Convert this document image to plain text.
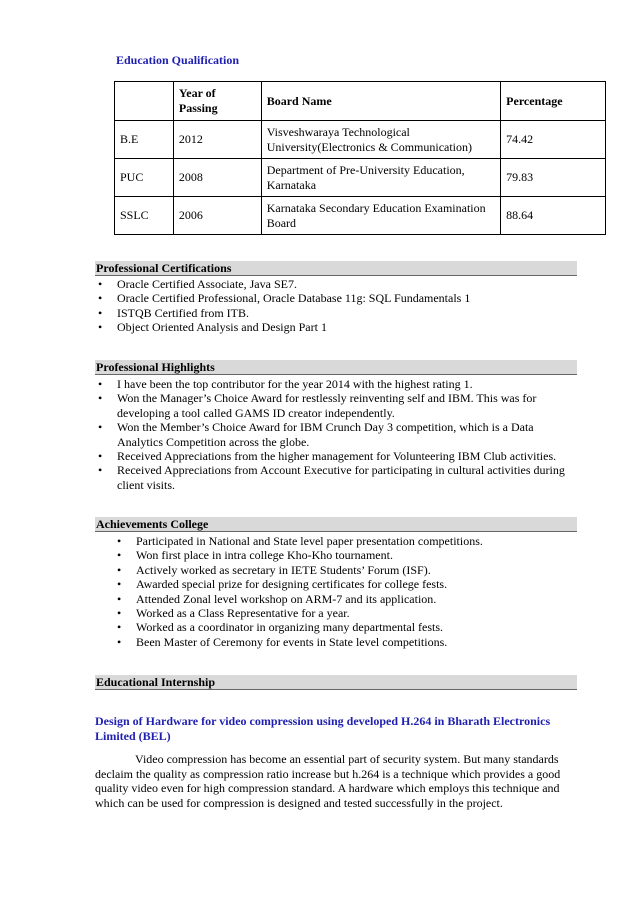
Education Qualification
	Year of Passing	Board Name	Percentage
B.E	2012	Visveshwaraya Technological University(Electronics & Communication)	74.42
PUC	2008	Department of Pre-University Education, Karnataka	79.83
SSLC	2006	Karnataka Secondary Education Examination Board	88.64
Professional Certifications
• Oracle Certified Associate, Java SE7.
• Oracle Certified Professional, Oracle Database 11g: SQL Fundamentals 1
• ISTQB Certified from ITB.
• Object Oriented Analysis and Design Part 1
Professional Highlights
• I have been the top contributor for the year 2014 with the highest rating 1.
• Won the Manager’s Choice Award for restlessly reinventing self and IBM. This was for developing a tool called GAMS ID creator independently.
• Won the Member’s Choice Award for IBM Crunch Day 3 competition, which is a Data Analytics Competition across the globe.
• Received Appreciations from the higher management for Volunteering IBM Club activities.
• Received Appreciations from Account Executive for participating in cultural activities during client visits.
Achievements College
• Participated in National and State level paper presentation competitions.
• Won first place in intra college Kho-Kho tournament.
• Actively worked as secretary in IETE Students’ Forum (ISF).
• Awarded special prize for designing certificates for college fests.
• Attended Zonal level workshop on ARM-7 and its application.
• Worked as a Class Representative for a year.
• Worked as a coordinator in organizing many departmental fests.
• Been Master of Ceremony for events in State level competitions.
Educational Internship
Design of Hardware for video compression using developed H.264 in Bharath Electronics Limited (BEL)
Video compression has become an essential part of security system. But many standards declaim the quality as compression ratio increase but h.264 is a technique which provides a good quality video even for high compression standard. A hardware which employs this technique and which can be used for compression is designed and tested successfully in the project.
